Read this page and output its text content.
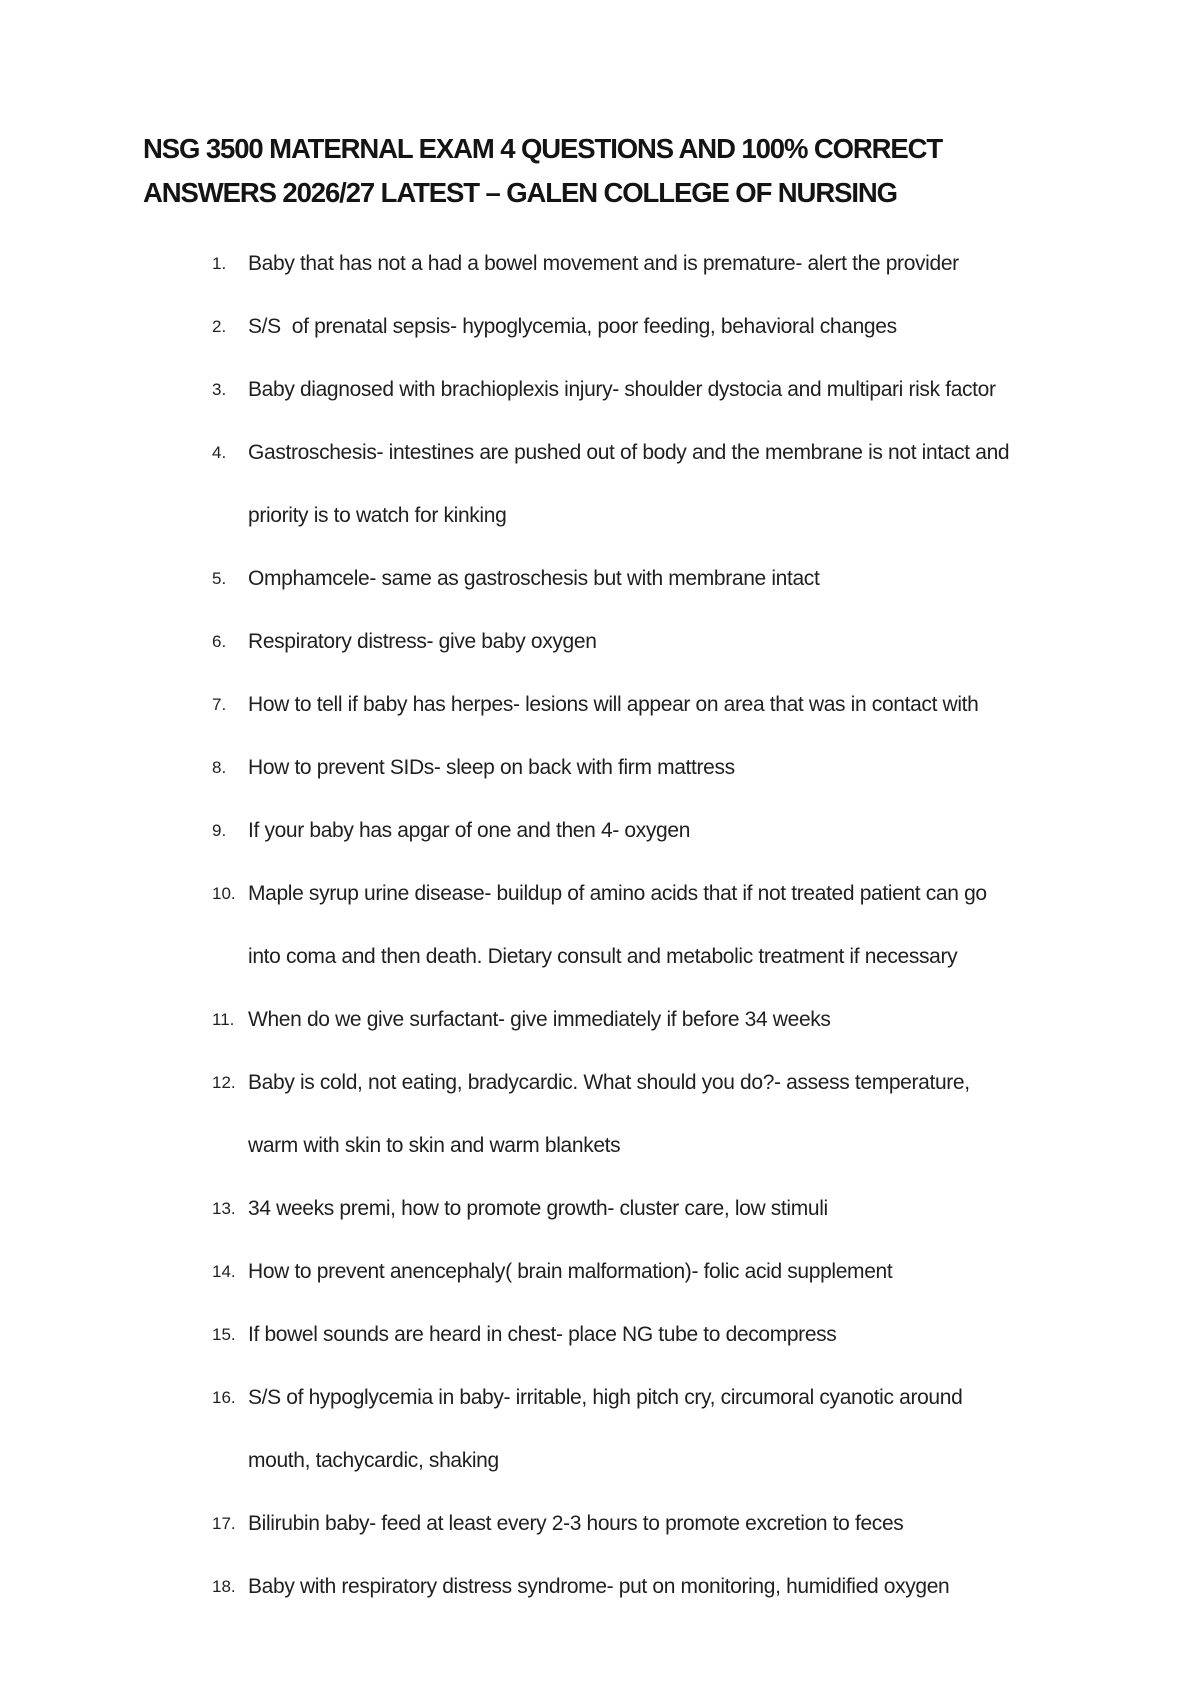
NSG 3500 MATERNAL EXAM 4 QUESTIONS AND 100% CORRECT
ANSWERS 2026/27 LATEST – GALEN COLLEGE OF NURSING
1.	Baby that has not a had a bowel movement and is premature- alert the provider
2.	S/S  of prenatal sepsis- hypoglycemia, poor feeding, behavioral changes
3.	Baby diagnosed with brachioplexis injury- shoulder dystocia and multipari risk factor
4.	Gastroschesis- intestines are pushed out of body and the membrane is not intact and
priority is to watch for kinking
5.	Omphamcele- same as gastroschesis but with membrane intact
6.	Respiratory distress- give baby oxygen
7.	How to tell if baby has herpes- lesions will appear on area that was in contact with
8.	How to prevent SIDs- sleep on back with firm mattress
9.	If your baby has apgar of one and then 4- oxygen
10. Maple syrup urine disease- buildup of amino acids that if not treated patient can go
into coma and then death. Dietary consult and metabolic treatment if necessary
11. When do we give surfactant- give immediately if before 34 weeks
12. Baby is cold, not eating, bradycardic. What should you do?- assess temperature,
warm with skin to skin and warm blankets
13. 34 weeks premi, how to promote growth- cluster care, low stimuli
14. How to prevent anencephaly( brain malformation)- folic acid supplement
15. If bowel sounds are heard in chest- place NG tube to decompress
16. S/S of hypoglycemia in baby- irritable, high pitch cry, circumoral cyanotic around
mouth, tachycardic, shaking
17. Bilirubin baby- feed at least every 2-3 hours to promote excretion to feces
18. Baby with respiratory distress syndrome- put on monitoring, humidified oxygen
